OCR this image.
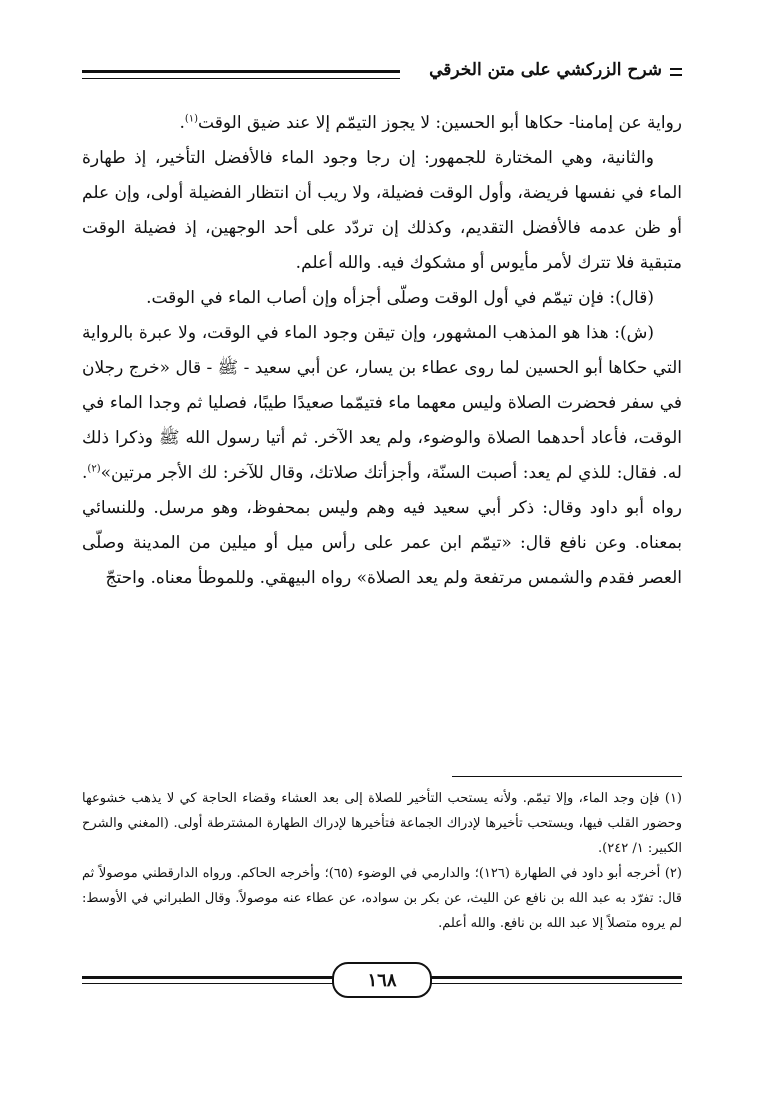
شرح الزركشي على متن الخرقي

رواية عن إمامنا- حكاها أبو الحسين: لا يجوز التيمّم إلا عند ضيق الوقت$^{(١)}$.

والثانية، وهي المختارة للجمهور: إن رجا وجود الماء فالأفضل التأخير، إذ طهارة الماء في نفسها فريضة، وأول الوقت فضيلة، ولا ريب أن انتظار الفضيلة أولى، وإن علم أو ظن عدمه فالأفضل التقديم، وكذلك إن تردّد على أحد الوجهين، إذ فضيلة الوقت متبقية فلا تترك لأمر مأيوس أو مشكوك فيه. والله أعلم.

(قال): فإن تيمّم في أول الوقت وصلّى أجزأه وإن أصاب الماء في الوقت.

(ش): هذا هو المذهب المشهور، وإن تيقن وجود الماء في الوقت، ولا عبرة بالرواية التي حكاها أبو الحسين لما روى عطاء بن يسار، عن أبي سعيد - ﷺ - قال «خرج رجلان في سفر فحضرت الصلاة وليس معهما ماء فتيمّما صعيدًا طيبًا، فصليا ثم وجدا الماء في الوقت، فأعاد أحدهما الصلاة والوضوء، ولم يعد الآخر. ثم أتيا رسول الله ﷺ وذكرا ذلك له. فقال: للذي لم يعد: أصبت السنّة، وأجزأتك صلاتك، وقال للآخر: لك الأجر مرتين»$^{(٢)}$. رواه أبو داود وقال: ذكر أبي سعيد فيه وهم وليس بمحفوظ، وهو مرسل. وللنسائي بمعناه. وعن نافع قال: «تيمّم ابن عمر على رأس ميل أو ميلين من المدينة وصلّى العصر فقدم والشمس مرتفعة ولم يعد الصلاة» رواه البيهقي. وللموطأ معناه. واحتجّ

(١) فإن وجد الماء، وإلا تيمّم. ولأنه يستحب التأخير للصلاة إلى بعد العشاء وقضاء الحاجة كي لا يذهب خشوعها وحضور القلب فيها، ويستحب تأخيرها لإدراك الجماعة فتأخيرها لإدراك الطهارة المشترطة أولى. (المغني والشرح الكبير: ١/ ٢٤٢).

(٢) أخرجه أبو داود في الطهارة (١٢٦)؛ والدارمي في الوضوء (٦٥)؛ وأخرجه الحاكم. ورواه الدارقطني موصولاً ثم قال: تفرّد به عبد الله بن نافع عن الليث، عن بكر بن سواده، عن عطاء عنه موصولاً. وقال الطبراني في الأوسط: لم يروه متصلاً إلا عبد الله بن نافع. والله أعلم.

١٦٨
